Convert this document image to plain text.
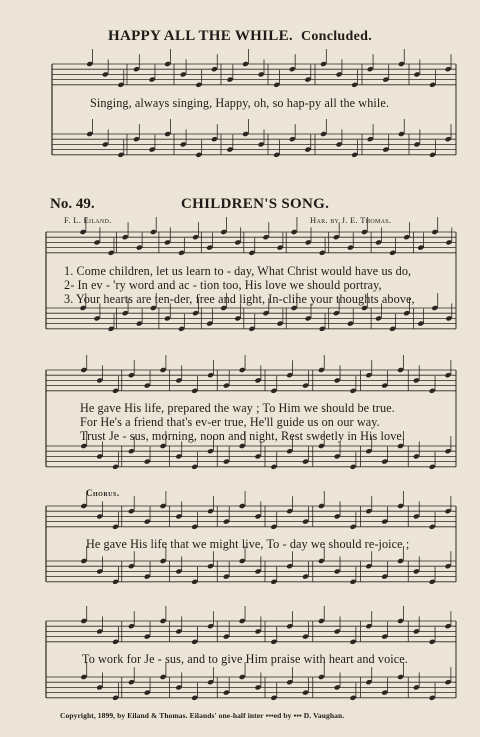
HAPPY ALL THE WHILE. Concluded.
Singing, always singing, Happy, oh, so hap-py all the while.
No. 49.	CHILDREN'S SONG.
F. L. Eiland.	Har. by J. E. Thomas.
1. Come children, let us learn to - day, What Christ would have us do,
2- In ev - 'ry word and ac - tion too, His love we should portray,
3. Your hearts are ten-der, free and light, In-cline your thoughts above,
He gave His life, prepared the way ; To Him we should be true.
For He's a friend that's ev-er true, He'll guide us on our way.
Trust Je - sus, morning, noon and night, Rest sweetly in His love.
Chorus.
He gave His life that we might live, To - day we should re-joice ;
To work for Je - sus, and to give Him praise with heart and voice.
Copyright, 1899, by Eiland & Thomas. Eilands' one-half inter ▪▪▪ed by ▪▪▪ D. Vaughan.
